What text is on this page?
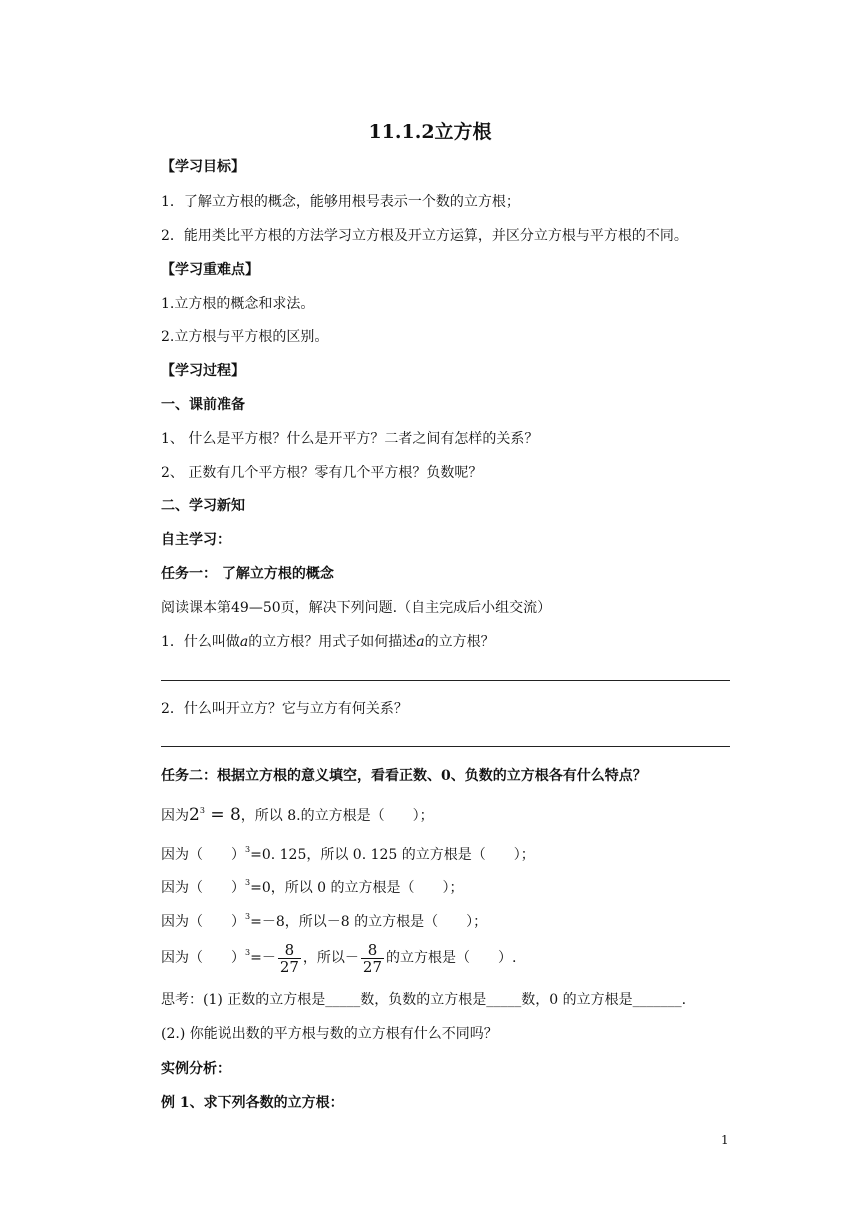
11.1.2立方根
【学习目标】
1．了解立方根的概念，能够用根号表示一个数的立方根；
2．能用类比平方根的方法学习立方根及开立方运算，并区分立方根与平方根的不同。
【学习重难点】
1.立方根的概念和求法。
2.立方根与平方根的区别。
【学习过程】
一、课前准备
1、 什么是平方根？什么是开平方？二者之间有怎样的关系？
2、 正数有几个平方根？零有几个平方根？负数呢？
二、学习新知
自主学习：
任务一： 了解立方根的概念
阅读课本第49—50页，解决下列问题.（自主完成后小组交流）
1．什么叫做a的立方根？用式子如何描述a的立方根？
2．什么叫开立方？它与立方有何关系？
任务二：根据立方根的意义填空，看看正数、0、负数的立方根各有什么特点？
因为$2^3 = 8$，所以 8.的立方根是（　　）；
因为（　　）$^3$=0. 125，所以 0. 125 的立方根是（　　）；
因为（　　）$^3$=0，所以 0 的立方根是（　　）；
因为（　　）$^3$=－8，所以－8 的立方根是（　　）；
因为（　　）$^3=- \frac{8}{27}$ ，所以－ $\frac{8}{27}$ 的立方根是（　　）.
思考：(1) 正数的立方根是_____数，负数的立方根是_____数，0 的立方根是_______.
(2.) 你能说出数的平方根与数的立方根有什么不同吗？
实例分析：
例 1、求下列各数的立方根：
1
